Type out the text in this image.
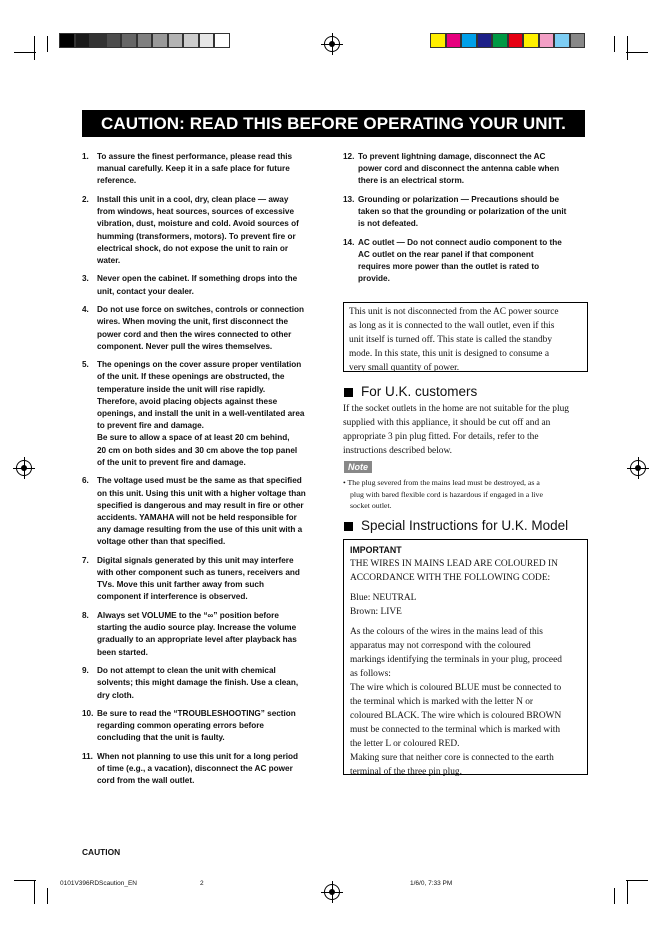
CAUTION: READ THIS BEFORE OPERATING YOUR UNIT.
1. To assure the finest performance, please read this
manual carefully. Keep it in a safe place for future
reference.
2. Install this unit in a cool, dry, clean place — away
from windows, heat sources, sources of excessive
vibration, dust, moisture and cold. Avoid sources of
humming (transformers, motors). To prevent fire or
electrical shock, do not expose the unit to rain or
water.
3. Never open the cabinet. If something drops into the
unit, contact your dealer.
4. Do not use force on switches, controls or connection
wires. When moving the unit, first disconnect the
power cord and then the wires connected to other
component. Never pull the wires themselves.
5. The openings on the cover assure proper ventilation
of the unit. If these openings are obstructed, the
temperature inside the unit will rise rapidly.
Therefore, avoid placing objects against these
openings, and install the unit in a well-ventilated area
to prevent fire and damage.
Be sure to allow a space of at least 20 cm behind,
20 cm on both sides and 30 cm above the top panel
of the unit to prevent fire and damage.
6. The voltage used must be the same as that specified
on this unit. Using this unit with a higher voltage than
specified is dangerous and may result in fire or other
accidents. YAMAHA will not be held responsible for
any damage resulting from the use of this unit with a
voltage other than that specified.
7. Digital signals generated by this unit may interfere
with other component such as tuners, receivers and
TVs. Move this unit farther away from such
component if interference is observed.
8. Always set VOLUME to the “∞” position before
starting the audio source play. Increase the volume
gradually to an appropriate level after playback has
been started.
9. Do not attempt to clean the unit with chemical
solvents; this might damage the finish. Use a clean,
dry cloth.
10. Be sure to read the “TROUBLESHOOTING” section
regarding common operating errors before
concluding that the unit is faulty.
11. When not planning to use this unit for a long period
of time (e.g., a vacation), disconnect the AC power
cord from the wall outlet.
12. To prevent lightning damage, disconnect the AC
power cord and disconnect the antenna cable when
there is an electrical storm.
13. Grounding or polarization — Precautions should be
taken so that the grounding or polarization of the unit
is not defeated.
14. AC outlet — Do not connect audio component to the
AC outlet on the rear panel if that component
requires more power than the outlet is rated to
provide.
This unit is not disconnected from the AC power source
as long as it is connected to the wall outlet, even if this
unit itself is turned off. This state is called the standby
mode. In this state, this unit is designed to consume a
very small quantity of power.
For U.K. customers
If the socket outlets in the home are not suitable for the plug
supplied with this appliance, it should be cut off and an
appropriate 3 pin plug fitted. For details, refer to the
instructions described below.
Note
• The plug severed from the mains lead must be destroyed, as a
plug with bared flexible cord is hazardous if engaged in a live
socket outlet.
Special Instructions for U.K. Model
IMPORTANT
THE WIRES IN MAINS LEAD ARE COLOURED IN
ACCORDANCE WITH THE FOLLOWING CODE:
Blue: NEUTRAL
Brown: LIVE
As the colours of the wires in the mains lead of this
apparatus may not correspond with the coloured
markings identifying the terminals in your plug, proceed
as follows:
The wire which is coloured BLUE must be connected to
the terminal which is marked with the letter N or
coloured BLACK. The wire which is coloured BROWN
must be connected to the terminal which is marked with
the letter L or coloured RED.
Making sure that neither core is connected to the earth
terminal of the three pin plug.
CAUTION
0101V396RDScaution_EN	2	1/6/0, 7:33 PM
